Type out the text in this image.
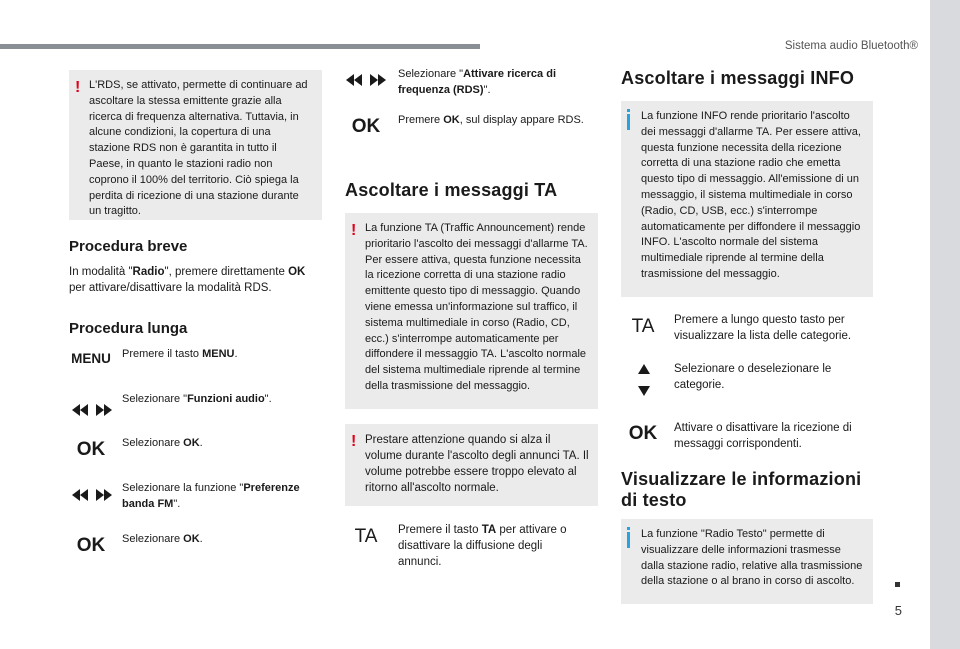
Sistema audio Bluetooth®
5
! L'RDS, se attivato, permette di continuare ad ascoltare la stessa emittente grazie alla ricerca di frequenza alternativa. Tuttavia, in alcune condizioni, la copertura di una stazione RDS non è garantita in tutto il Paese, in quanto le stazioni radio non coprono il 100% del territorio. Ciò spiega la perdita di ricezione di una stazione durante un tragitto.
Procedura breve
In modalità "Radio", premere direttamente OK per attivare/disattivare la modalità RDS.
Procedura lunga
MENU Premere il tasto MENU.
Selezionare "Funzioni audio".
OK	Selezionare OK.
Selezionare la funzione "Preferenze banda FM".
OK	Selezionare OK.
Selezionare "Attivare ricerca di frequenza (RDS)".
OK	Premere OK, sul display appare RDS.
Ascoltare i messaggi TA
! La funzione TA (Traffic Announcement) rende prioritario l'ascolto dei messaggi d'allarme TA. Per essere attiva, questa funzione necessita la ricezione corretta di una stazione radio emittente questo tipo di messaggio. Quando viene emessa un'informazione sul traffico, il sistema multimediale in corso (Radio, CD, ecc.) s'interrompe automaticamente per diffondere il messaggio TA. L'ascolto normale del sistema multimediale riprende al termine della trasmissione del messaggio.
! Prestare attenzione quando si alza il volume durante l'ascolto degli annunci TA. Il volume potrebbe essere troppo elevato al ritorno all'ascolto normale.
TA	Premere il tasto TA per attivare o disattivare la diffusione degli annunci.
Ascoltare i messaggi INFO
La funzione INFO rende prioritario l'ascolto dei messaggi d'allarme TA. Per essere attiva, questa funzione necessita della ricezione corretta di una stazione radio che emetta questo tipo di messaggio. All'emissione di un messaggio, il sistema multimediale in corso (Radio, CD, USB, ecc.) s'interrompe automaticamente per diffondere il messaggio INFO. L'ascolto normale del sistema multimediale riprende al termine della trasmissione del messaggio.
TA	Premere a lungo questo tasto per visualizzare la lista delle categorie.
Selezionare o deselezionare le categorie.
OK	Attivare o disattivare la ricezione di messaggi corrispondenti.
Visualizzare le informazioni di testo
La funzione "Radio Testo" permette di visualizzare delle informazioni trasmesse dalla stazione radio, relative alla trasmissione della stazione o al brano in corso di ascolto.
